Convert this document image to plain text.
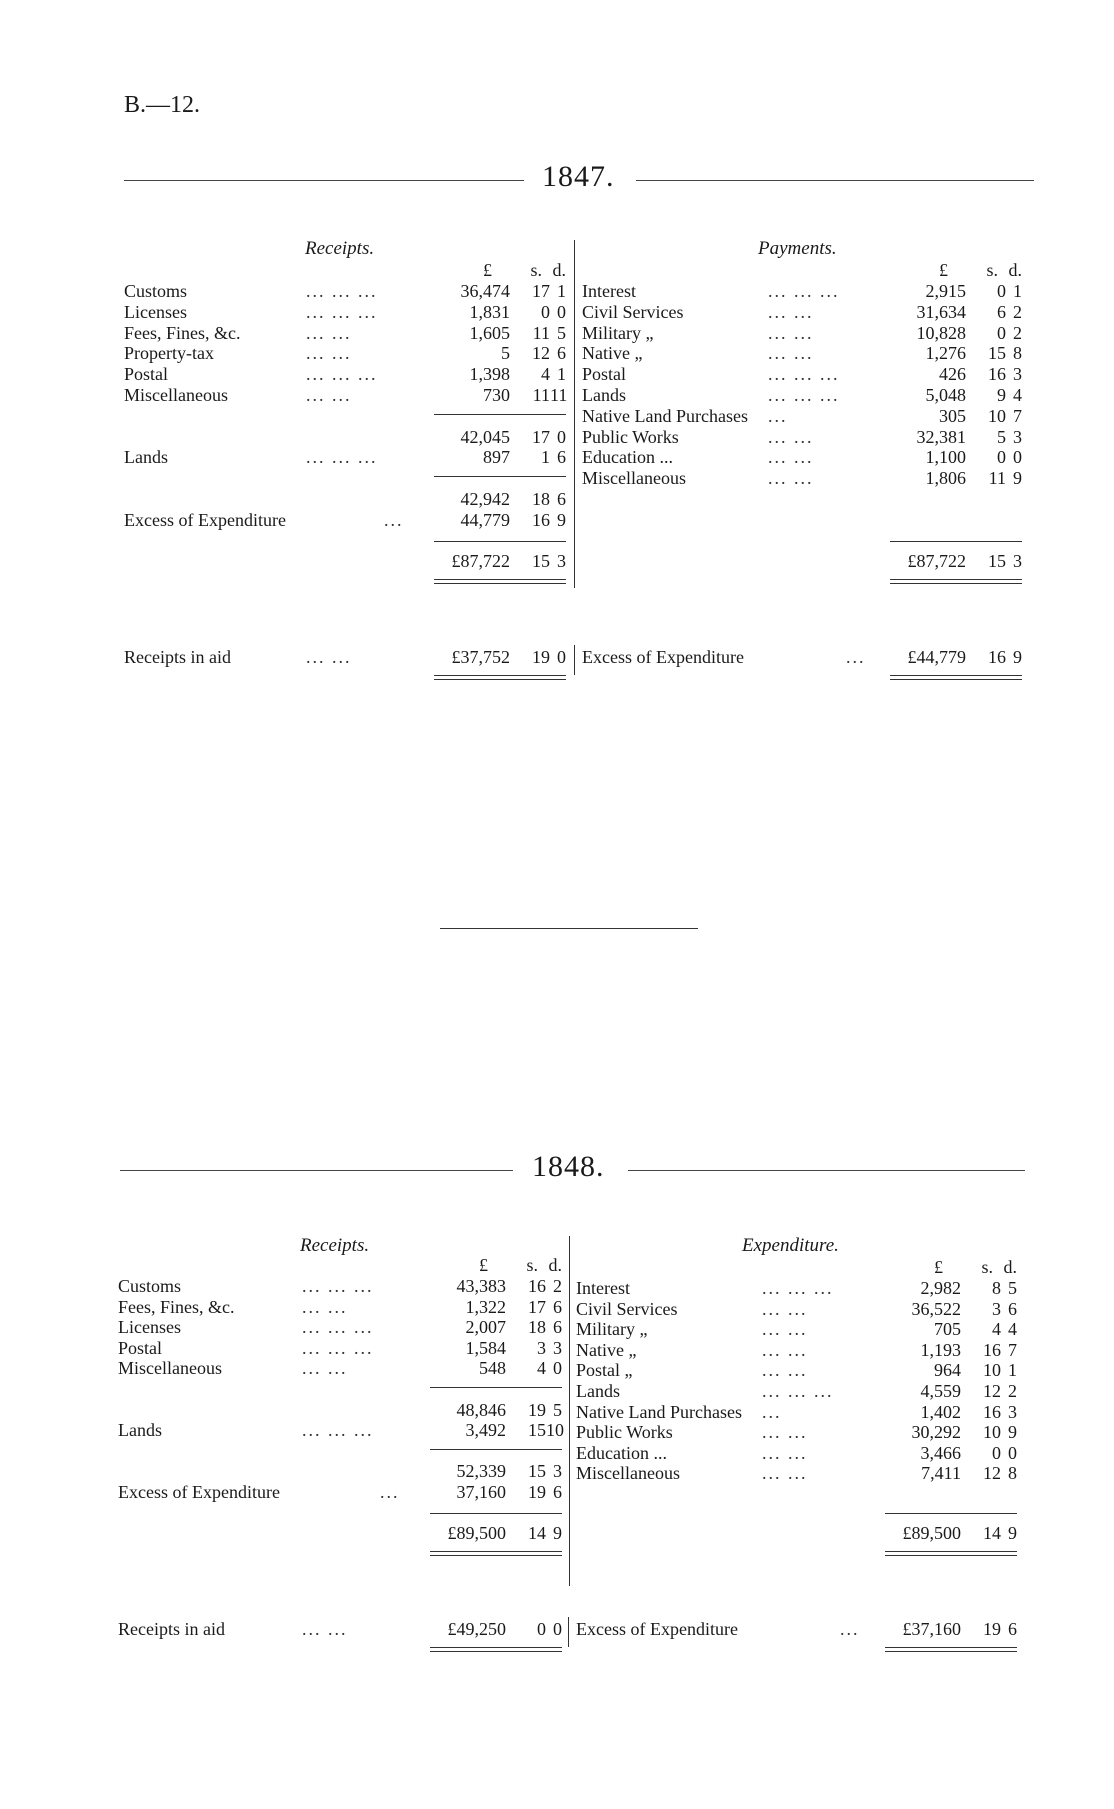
B.—12.
1847.
Receipts.	Payments.
£	s. d.	£	s. d.
Customs	... ... ...	36,474	17 1
Licenses	... ... ...	1,831	0 0
Fees, Fines, &c.	... ...	1,605	11 5
Property-tax	... ...	5	12 6
Postal	... ... ...	1,398	4 1
Miscellaneous	... ...	730	11 11
42,045	17 0
Lands	... ... ...	897	1 6
42,942	18 6
Excess of Expenditure	...	44,779	16 9
£87,722	15 3
Receipts in aid	... ...	£37,752	19 0
Interest	... ... ...	2,915	0 1
Civil Services	... ...	31,634	6 2
Military „	... ...	10,828	0 2
Native „	... ...	1,276	15 8
Postal	... ... ...	426	16 3
Lands	... ... ...	5,048	9 4
Native Land Purchases ...	305	10 7
Public Works	... ...	32,381	5 3
Education ...	... ...	1,100	0 0
Miscellaneous	... ...	1,806	11 9
£87,722	15 3
Excess of Expenditure	...	£44,779	16 9
1848.
Receipts.	Expenditure.
£	s. d.	£	s. d.
Customs	... ... ...	43,383	16 2
Fees, Fines, &c.	... ...	1,322	17 6
Licenses	... ... ...	2,007	18 6
Postal	... ... ...	1,584	3 3
Miscellaneous	... ...	548	4 0
48,846	19 5
Lands	... ... ...	3,492	15 10
52,339	15 3
Excess of Expenditure	...	37,160	19 6
£89,500	14 9
Receipts in aid	... ...	£49,250	0 0
Interest	... ... ...	2,982	8 5
Civil Services	... ...	36,522	3 6
Military „	... ...	705	4 4
Native „	... ...	1,193	16 7
Postal „	... ...	964	10 1
Lands	... ... ...	4,559	12 2
Native Land Purchases ...	1,402	16 3
Public Works	... ...	30,292	10 9
Education ...	... ...	3,466	0 0
Miscellaneous	... ...	7,411	12 8
£89,500	14 9
Excess of Expenditure	...	£37,160	19 6
